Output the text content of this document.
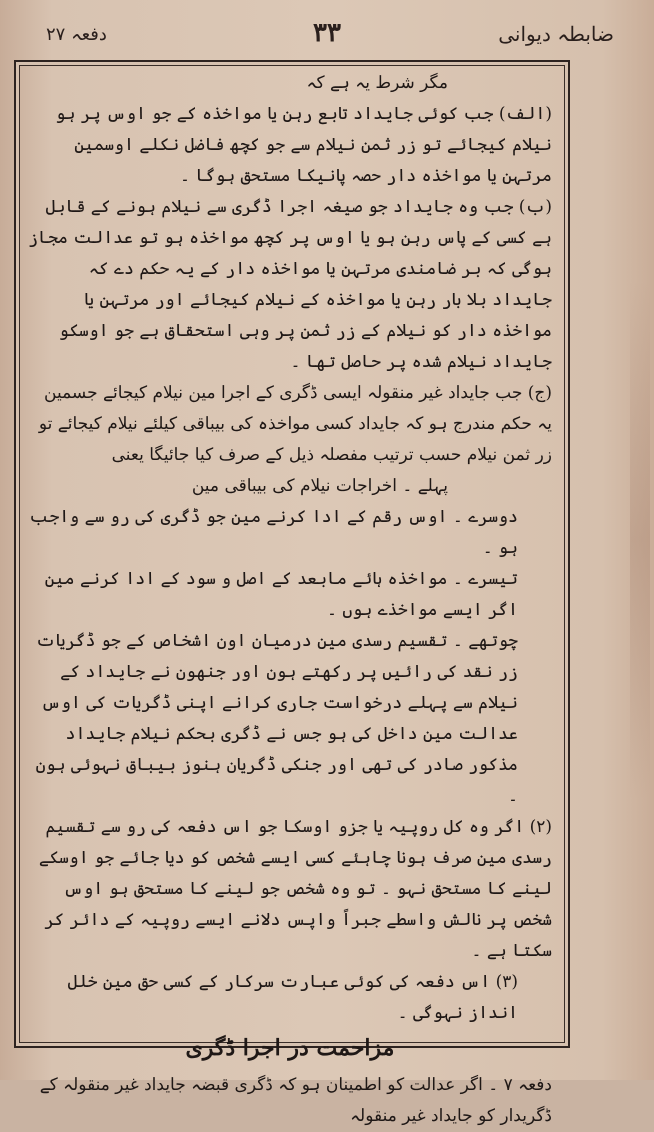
ضابطہ دیوانی
۳۳
دفعہ ۲۷

مگر شرط یہ ہے کہ

(الف) جب کوئی جایداد تابع رہن یا مواخذہ کے جو اوس پر ہو نیلام کیجائے تو زر ثمن نیلام سے جو کچھ فاضل نکلے اوسمین مرتہن یا مواخذہ دار حصہ پانیکا مستحق ہوگا ۔

(ب) جب وہ جایداد جو صیغہ اجرا ڈگری سے نیلام ہونے کے قابل ہے کسی کے پاس رہن ہو یا اوس پر کچھ مواخذہ ہو تو عدالت مجاز ہوگی کہ بر ضامندی مرتہن یا مواخذہ دار کے یہ حکم دے کہ جایداد بلا بار رہن یا مواخذہ کے نیلام کیجائے اور مرتہن یا مواخذہ دار کو نیلام کے زر ثمن پر وہی استحقاق ہے جو اوسکو جایداد نیلام شدہ پر حاصل تھا ۔

(ج) جب جایداد غیر منقولہ ایسی ڈگری کے اجرا مین نیلام کیجائے جسمین یہ حکم مندرج ہو کہ جایداد کسی مواخذہ کی بیباقی کیلئے نیلام کیجائے تو زر ثمن نیلام حسب ترتیب مفصلہ ذیل کے صرف کیا جائیگا یعنی

پہلے ۔ اخراجات نیلام کی بیباقی مین

دوسرے ۔ اوس رقم کے ادا کرنے مین جو ڈگری کی رو سے واجب ہو ۔

تیسرے ۔ مواخذہ ہائے مابعد کے اصل و سود کے ادا کرنے مین اگر ایسے مواخذے ہوں ۔

چوتھے ۔ تقسیم رسدی مین درمیان اون اشخاص کے جو ڈگریات زر نقد کی رائیں پر رکھتے ہون اور جنھون نے جایداد کے نیلام سے پہلے درخواست جاری کرانے اپنی ڈگریات کی اوس عدالت مین داخل کی ہو جس نے ڈگری بحکم نیلام جایداد مذکور صادر کی تھی اور جنکی ڈگریان ہنوز بیباق نہوئی ہون ۔

(۲) اگر وہ کل روپیہ یا جزو اوسکا جو اس دفعہ کی رو سے تقسیم رسدی مین صرف ہونا چاہئے کسی ایسے شخص کو دیا جائے جو اوسکے لینے کا مستحق نہو ۔ تو وہ شخص جو لینے کا مستحق ہو اوس شخص پر نالش واسطے جبراً واپس دلانے ایسے روپیہ کے دائر کر سکتا ہے ۔

(۳) اس دفعہ کی کوئی عبارت سرکار کے کسی حق مین خلل انداز نہوگی ۔

مزاحمت در اجرا ڈگری

دفعہ ۷ ۔ اگر عدالت کو اطمینان ہو کہ ڈگری قبضہ جایداد غیر منقولہ کے ڈگریدار کو جایداد غیر منقولہ
